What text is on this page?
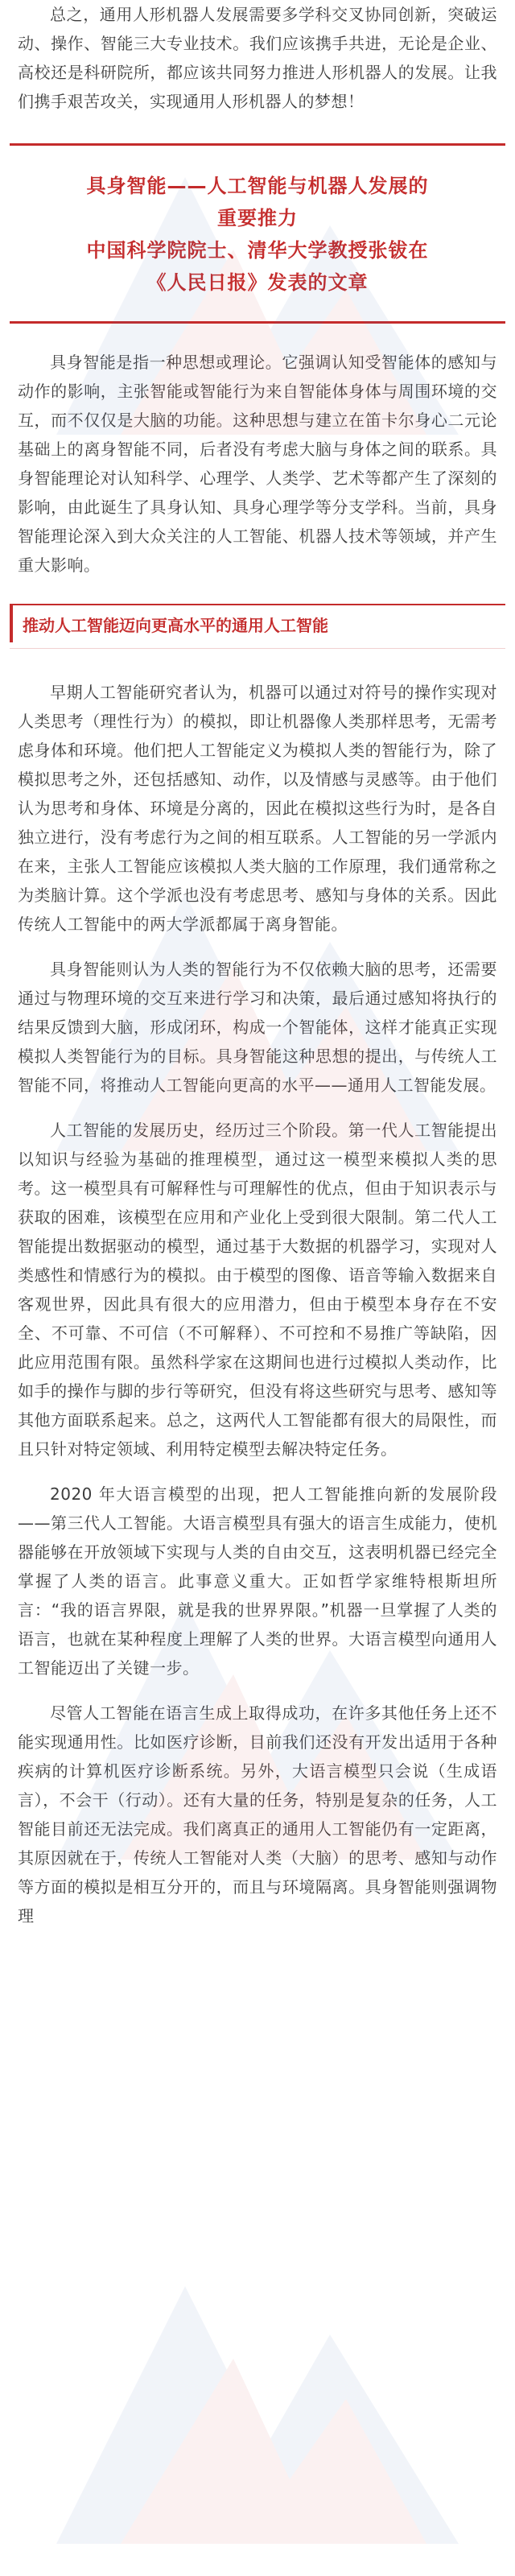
总之，通用人形机器人发展需要多学科交叉协同创新，突破运动、操作、智能三大专业技术。我们应该携手共进，无论是企业、高校还是科研院所，都应该共同努力推进人形机器人的发展。让我们携手艰苦攻关，实现通用人形机器人的梦想！

具身智能——人工智能与机器人发展的
重要推力
中国科学院院士、清华大学教授张钹在
《人民日报》发表的文章

具身智能是指一种思想或理论。它强调认知受智能体的感知与动作的影响，主张智能或智能行为来自智能体身体与周围环境的交互，而不仅仅是大脑的功能。这种思想与建立在笛卡尔身心二元论基础上的离身智能不同，后者没有考虑大脑与身体之间的联系。具身智能理论对认知科学、心理学、人类学、艺术等都产生了深刻的影响，由此诞生了具身认知、具身心理学等分支学科。当前，具身智能理论深入到大众关注的人工智能、机器人技术等领域，并产生重大影响。

推动人工智能迈向更高水平的通用人工智能

早期人工智能研究者认为，机器可以通过对符号的操作实现对人类思考（理性行为）的模拟，即让机器像人类那样思考，无需考虑身体和环境。他们把人工智能定义为模拟人类的智能行为，除了模拟思考之外，还包括感知、动作，以及情感与灵感等。由于他们认为思考和身体、环境是分离的，因此在模拟这些行为时，是各自独立进行，没有考虑行为之间的相互联系。人工智能的另一学派内在来，主张人工智能应该模拟人类大脑的工作原理，我们通常称之为类脑计算。这个学派也没有考虑思考、感知与身体的关系。因此传统人工智能中的两大学派都属于离身智能。

具身智能则认为人类的智能行为不仅依赖大脑的思考，还需要通过与物理环境的交互来进行学习和决策，最后通过感知将执行的结果反馈到大脑，形成闭环，构成一个智能体，这样才能真正实现模拟人类智能行为的目标。具身智能这种思想的提出，与传统人工智能不同，将推动人工智能向更高的水平——通用人工智能发展。

人工智能的发展历史，经历过三个阶段。第一代人工智能提出以知识与经验为基础的推理模型，通过这一模型来模拟人类的思考。这一模型具有可解释性与可理解性的优点，但由于知识表示与获取的困难，该模型在应用和产业化上受到很大限制。第二代人工智能提出数据驱动的模型，通过基于大数据的机器学习，实现对人类感性和情感行为的模拟。由于模型的图像、语音等输入数据来自客观世界，因此具有很大的应用潜力，但由于模型本身存在不安全、不可靠、不可信（不可解释）、不可控和不易推广等缺陷，因此应用范围有限。虽然科学家在这期间也进行过模拟人类动作，比如手的操作与脚的步行等研究，但没有将这些研究与思考、感知等其他方面联系起来。总之，这两代人工智能都有很大的局限性，而且只针对特定领域、利用特定模型去解决特定任务。

2020 年大语言模型的出现，把人工智能推向新的发展阶段——第三代人工智能。大语言模型具有强大的语言生成能力，使机器能够在开放领域下实现与人类的自由交互，这表明机器已经完全掌握了人类的语言。此事意义重大。正如哲学家维特根斯坦所言：“我的语言界限，就是我的世界界限。”机器一旦掌握了人类的语言，也就在某种程度上理解了人类的世界。大语言模型向通用人工智能迈出了关键一步。

尽管人工智能在语言生成上取得成功，在许多其他任务上还不能实现通用性。比如医疗诊断，目前我们还没有开发出适用于各种疾病的计算机医疗诊断系统。另外，大语言模型只会说（生成语言），不会干（行动）。还有大量的任务，特别是复杂的任务，人工智能目前还无法完成。我们离真正的通用人工智能仍有一定距离，其原因就在于，传统人工智能对人类（大脑）的思考、感知与动作等方面的模拟是相互分开的，而且与环境隔离。具身智能则强调物理
